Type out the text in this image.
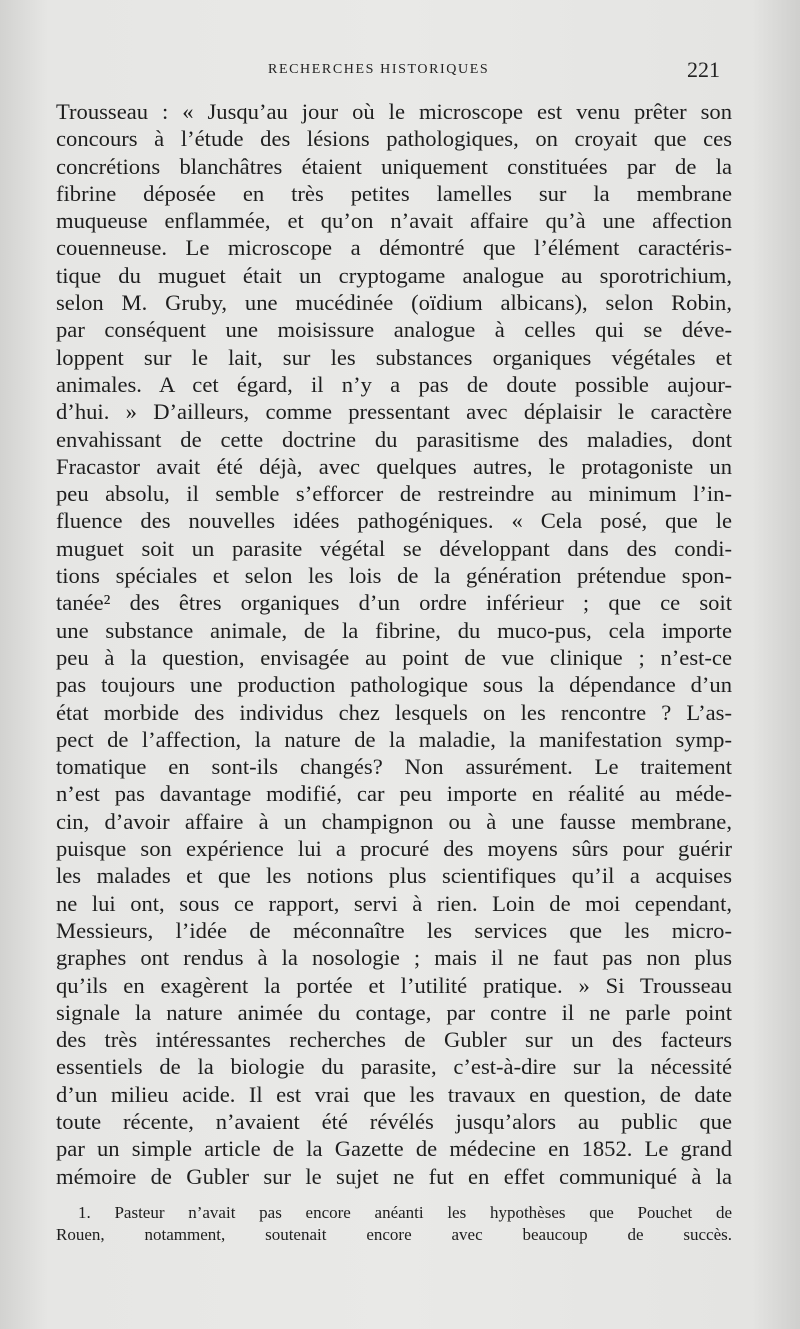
RECHERCHES HISTORIQUES	221
Trousseau : « Jusqu’au jour où le microscope est venu prêter son
concours à l’étude des lésions pathologiques, on croyait que ces
concrétions blanchâtres étaient uniquement constituées par de la
fibrine déposée en très petites lamelles sur la membrane
muqueuse enflammée, et qu’on n’avait affaire qu’à une affection
couenneuse. Le microscope a démontré que l’élément caractéris-
tique du muguet était un cryptogame analogue au sporotrichium,
selon M. Gruby, une mucédinée (oïdium albicans), selon Robin,
par conséquent une moisissure analogue à celles qui se déve-
loppent sur le lait, sur les substances organiques végétales et
animales. A cet égard, il n’y a pas de doute possible aujour-
d’hui. » D’ailleurs, comme pressentant avec déplaisir le caractère
envahissant de cette doctrine du parasitisme des maladies, dont
Fracastor avait été déjà, avec quelques autres, le protagoniste un
peu absolu, il semble s’efforcer de restreindre au minimum l’in-
fluence des nouvelles idées pathogéniques. « Cela posé, que le
muguet soit un parasite végétal se développant dans des condi-
tions spéciales et selon les lois de la génération prétendue spon-
tanée² des êtres organiques d’un ordre inférieur ; que ce soit
une substance animale, de la fibrine, du muco-pus, cela importe
peu à la question, envisagée au point de vue clinique ; n’est-ce
pas toujours une production pathologique sous la dépendance d’un
état morbide des individus chez lesquels on les rencontre ? L’as-
pect de l’affection, la nature de la maladie, la manifestation symp-
tomatique en sont-ils changés? Non assurément. Le traitement
n’est pas davantage modifié, car peu importe en réalité au méde-
cin, d’avoir affaire à un champignon ou à une fausse membrane,
puisque son expérience lui a procuré des moyens sûrs pour guérir
les malades et que les notions plus scientifiques qu’il a acquises
ne lui ont, sous ce rapport, servi à rien. Loin de moi cependant,
Messieurs, l’idée de méconnaître les services que les micro-
graphes ont rendus à la nosologie ; mais il ne faut pas non plus
qu’ils en exagèrent la portée et l’utilité pratique. » Si Trousseau
signale la nature animée du contage, par contre il ne parle point
des très intéressantes recherches de Gubler sur un des facteurs
essentiels de la biologie du parasite, c’est-à-dire sur la nécessité
d’un milieu acide. Il est vrai que les travaux en question, de date
toute récente, n’avaient été révélés jusqu’alors au public que
par un simple article de la Gazette de médecine en 1852. Le grand
mémoire de Gubler sur le sujet ne fut en effet communiqué à la
1. Pasteur n’avait pas encore anéanti les hypothèses que Pouchet de
Rouen, notamment, soutenait encore avec beaucoup de succès.
